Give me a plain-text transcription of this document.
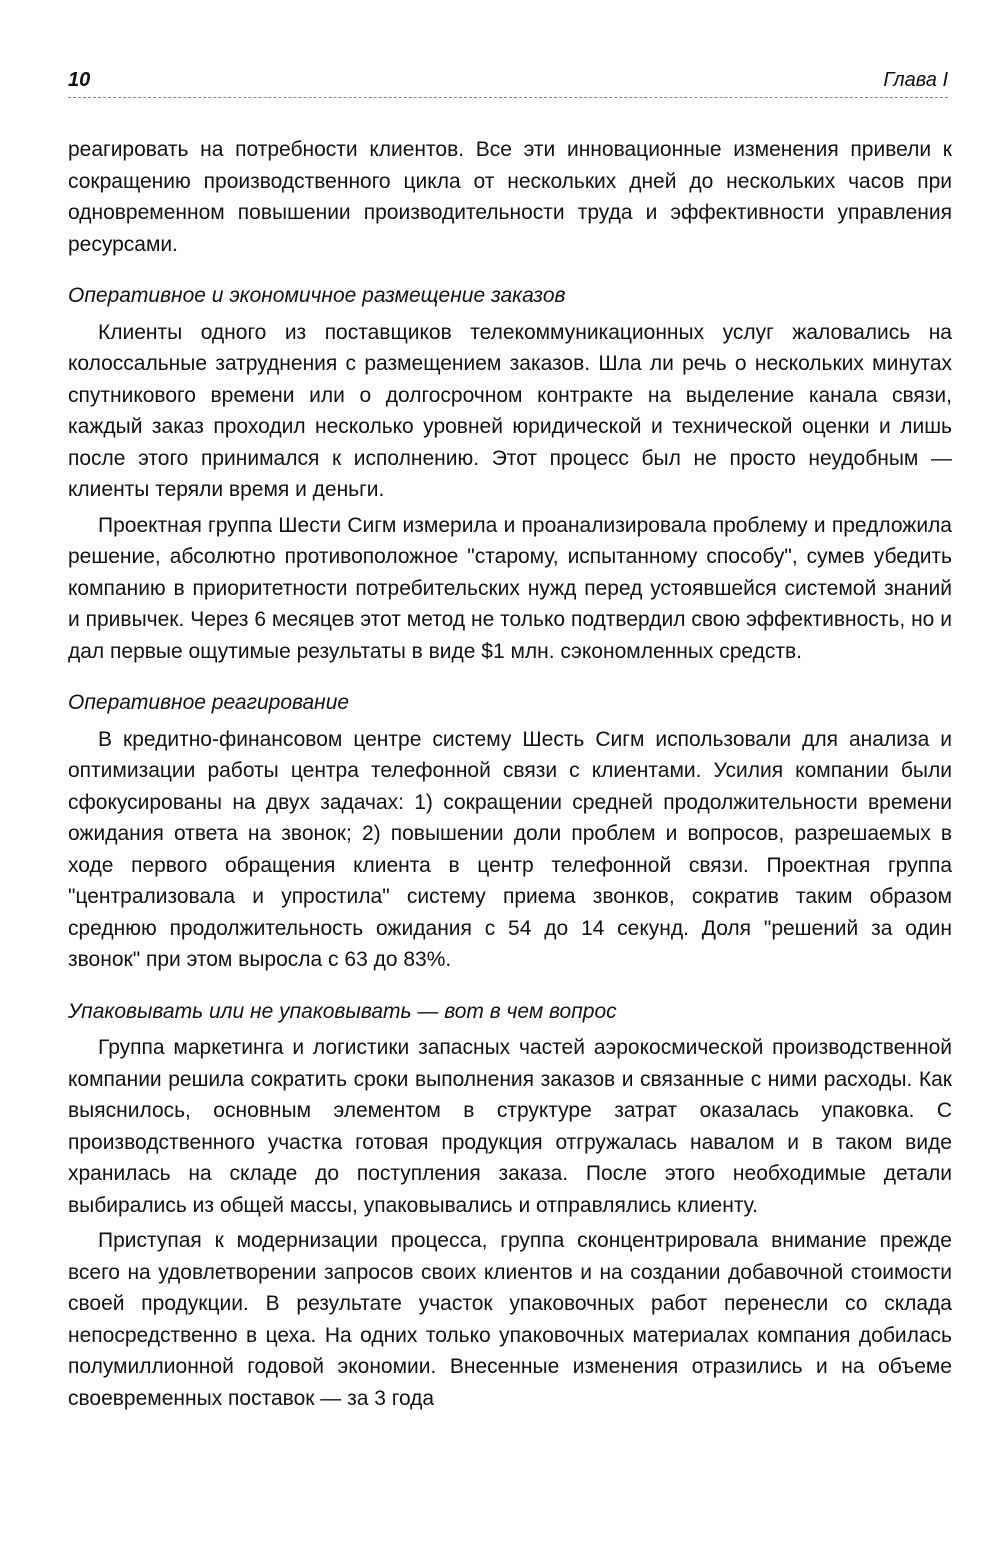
10	Глава I

реагировать на потребности клиентов. Все эти инновационные изменения привели к сокращению производственного цикла от нескольких дней до нескольких часов при одновременном повышении производительности труда и эффективности управления ресурсами.

Оперативное и экономичное размещение заказов

Клиенты одного из поставщиков телекоммуникационных услуг жаловались на колоссальные затруднения с размещением заказов. Шла ли речь о нескольких минутах спутникового времени или о долгосрочном контракте на выделение канала связи, каждый заказ проходил несколько уровней юридической и технической оценки и лишь после этого принимался к исполнению. Этот процесс был не просто неудобным — клиенты теряли время и деньги.

Проектная группа Шести Сигм измерила и проанализировала проблему и предложила решение, абсолютно противоположное "старому, испытанному способу", сумев убедить компанию в приоритетности потребительских нужд перед устоявшейся системой знаний и привычек. Через 6 месяцев этот метод не только подтвердил свою эффективность, но и дал первые ощутимые результаты в виде $1 млн. сэкономленных средств.

Оперативное реагирование

В кредитно-финансовом центре систему Шесть Сигм использовали для анализа и оптимизации работы центра телефонной связи с клиентами. Усилия компании были сфокусированы на двух задачах: 1) сокращении средней продолжительности времени ожидания ответа на звонок; 2) повышении доли проблем и вопросов, разрешаемых в ходе первого обращения клиента в центр телефонной связи. Проектная группа "централизовала и упростила" систему приема звонков, сократив таким образом среднюю продолжительность ожидания с 54 до 14 секунд. Доля "решений за один звонок" при этом выросла с 63 до 83%.

Упаковывать или не упаковывать — вот в чем вопрос

Группа маркетинга и логистики запасных частей аэрокосмической производственной компании решила сократить сроки выполнения заказов и связанные с ними расходы. Как выяснилось, основным элементом в структуре затрат оказалась упаковка. С производственного участка готовая продукция отгружалась навалом и в таком виде хранилась на складе до поступления заказа. После этого необходимые детали выбирались из общей массы, упаковывались и отправлялись клиенту.

Приступая к модернизации процесса, группа сконцентрировала внимание прежде всего на удовлетворении запросов своих клиентов и на создании добавочной стоимости своей продукции. В результате участок упаковочных работ перенесли со склада непосредственно в цеха. На одних только упаковочных материалах компания добилась полумиллионной годовой экономии. Внесенные изменения отразились и на объеме своевременных поставок — за 3 года
